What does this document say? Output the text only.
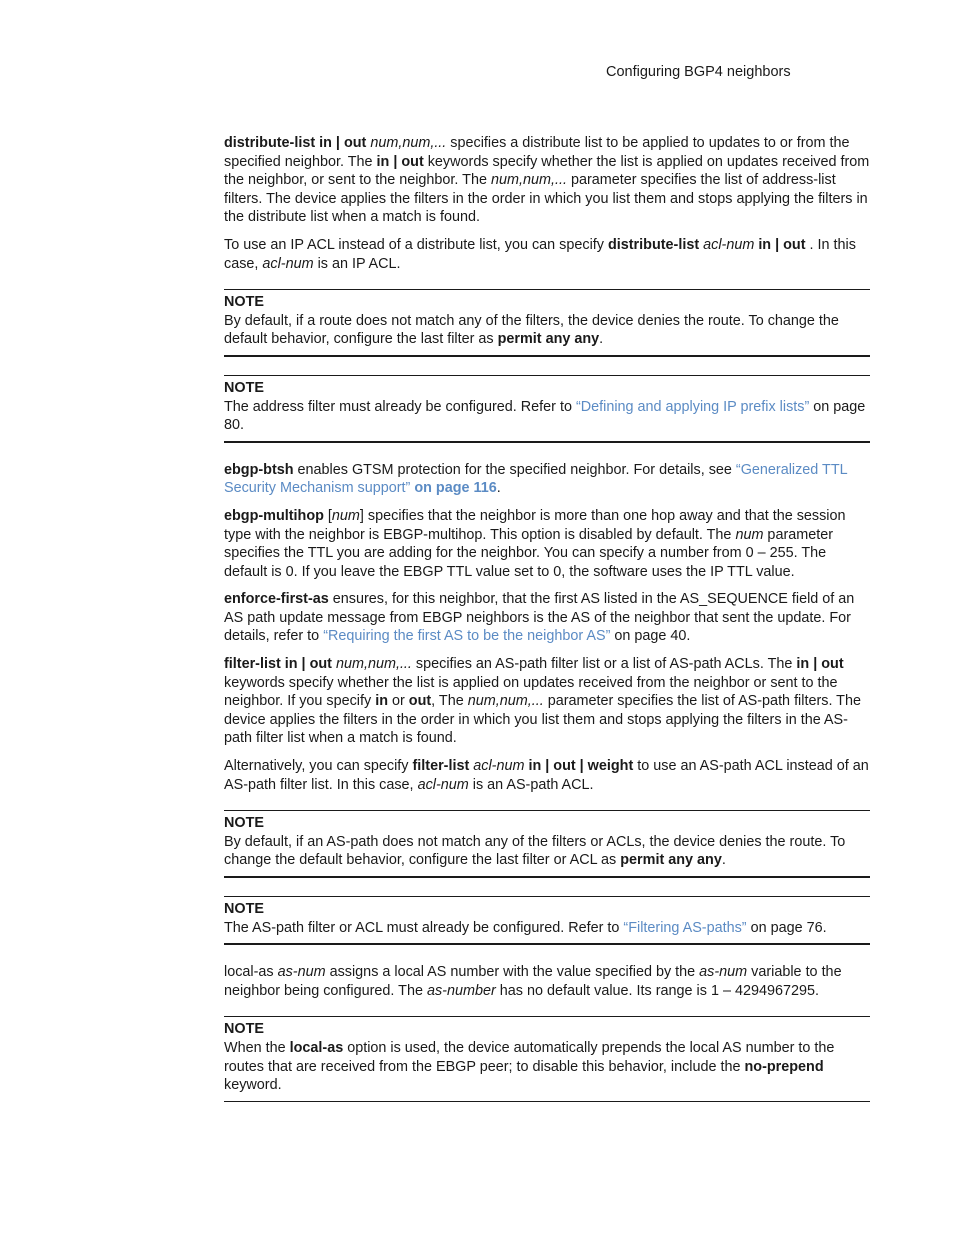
Configuring BGP4 neighbors

distribute-list in | out num,num,... specifies a distribute list to be applied to updates to or from the specified neighbor. The in | out keywords specify whether the list is applied on updates received from the neighbor, or sent to the neighbor. The num,num,... parameter specifies the list of address-list filters. The device applies the filters in the order in which you list them and stops applying the filters in the distribute list when a match is found.

To use an IP ACL instead of a distribute list, you can specify distribute-list acl-num in | out . In this case, acl-num is an IP ACL.

NOTE
By default, if a route does not match any of the filters, the device denies the route. To change the default behavior, configure the last filter as permit any any.
NOTE
The address filter must already be configured. Refer to “Defining and applying IP prefix lists” on page 80.

ebgp-btsh enables GTSM protection for the specified neighbor. For details, see “Generalized TTL Security Mechanism support” on page 116.

ebgp-multihop [num] specifies that the neighbor is more than one hop away and that the session type with the neighbor is EBGP-multihop. This option is disabled by default. The num parameter specifies the TTL you are adding for the neighbor. You can specify a number from 0 – 255. The default is 0. If you leave the EBGP TTL value set to 0, the software uses the IP TTL value.

enforce-first-as ensures, for this neighbor, that the first AS listed in the AS_SEQUENCE field of an AS path update message from EBGP neighbors is the AS of the neighbor that sent the update. For details, refer to “Requiring the first AS to be the neighbor AS” on page 40.

filter-list in | out num,num,... specifies an AS-path filter list or a list of AS-path ACLs. The in | out keywords specify whether the list is applied on updates received from the neighbor or sent to the neighbor. If you specify in or out, The num,num,... parameter specifies the list of AS-path filters. The device applies the filters in the order in which you list them and stops applying the filters in the AS-path filter list when a match is found.

Alternatively, you can specify filter-list acl-num in | out | weight to use an AS-path ACL instead of an AS-path filter list. In this case, acl-num is an AS-path ACL.

NOTE
By default, if an AS-path does not match any of the filters or ACLs, the device denies the route. To change the default behavior, configure the last filter or ACL as permit any any.
NOTE
The AS-path filter or ACL must already be configured. Refer to “Filtering AS-paths” on page 76.

local-as as-num assigns a local AS number with the value specified by the as-num variable to the neighbor being configured. The as-number has no default value. Its range is 1 – 4294967295.

NOTE
When the local-as option is used, the device automatically prepends the local AS number to the routes that are received from the EBGP peer; to disable this behavior, include the no-prepend keyword.
